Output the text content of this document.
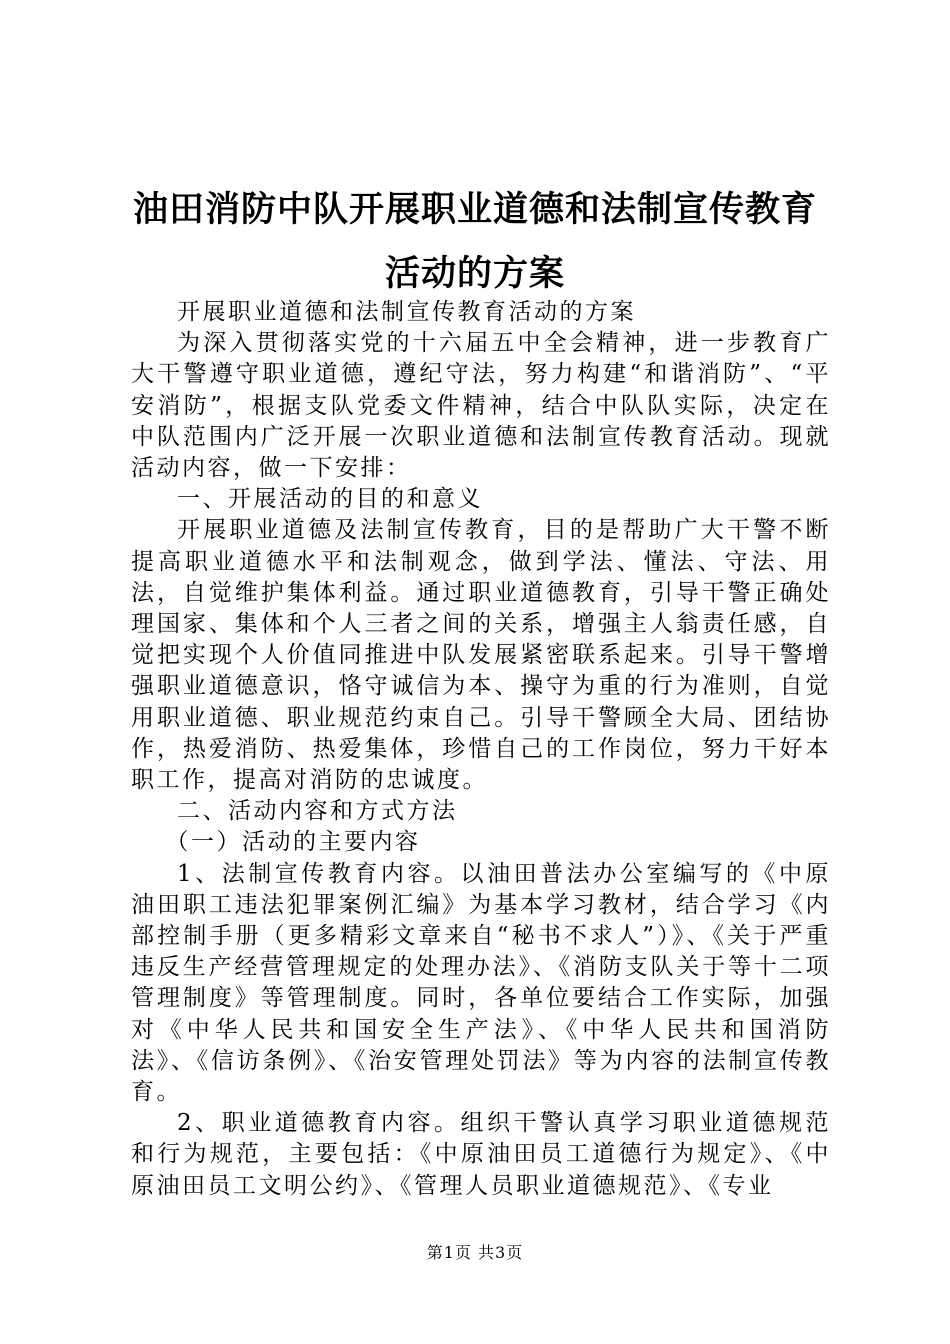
油田消防中队开展职业道德和法制宣传教育活动的方案

开展职业道德和法制宣传教育活动的方案

为深入贯彻落实党的十六届五中全会精神，进一步教育广大干警遵守职业道德，遵纪守法，努力构建“和谐消防”、“平安消防”，根据支队党委文件精神，结合中队队实际，决定在中队范围内广泛开展一次职业道德和法制宣传教育活动。现就活动内容，做一下安排：

一、开展活动的目的和意义

开展职业道德及法制宣传教育，目的是帮助广大干警不断提高职业道德水平和法制观念，做到学法、懂法、守法、用法，自觉维护集体利益。通过职业道德教育，引导干警正确处理国家、集体和个人三者之间的关系，增强主人翁责任感，自觉把实现个人价值同推进中队发展紧密联系起来。引导干警增强职业道德意识，恪守诚信为本、操守为重的行为准则，自觉用职业道德、职业规范约束自己。引导干警顾全大局、团结协作，热爱消防、热爱集体，珍惜自己的工作岗位，努力干好本职工作，提高对消防的忠诚度。

二、活动内容和方式方法

（一）活动的主要内容

1、法制宣传教育内容。以油田普法办公室编写的《中原油田职工违法犯罪案例汇编》为基本学习教材，结合学习《内部控制手册（更多精彩文章来自“秘书不求人”）》、《关于严重违反生产经营管理规定的处理办法》、《消防支队关于等十二项管理制度》等管理制度。同时，各单位要结合工作实际，加强对《中华人民共和国安全生产法》、《中华人民共和国消防法》、《信访条例》、《治安管理处罚法》等为内容的法制宣传教育。

2、职业道德教育内容。组织干警认真学习职业道德规范和行为规范，主要包括：《中原油田员工道德行为规定》、《中原油田员工文明公约》、《管理人员职业道德规范》、《专业

第1页 共3页
